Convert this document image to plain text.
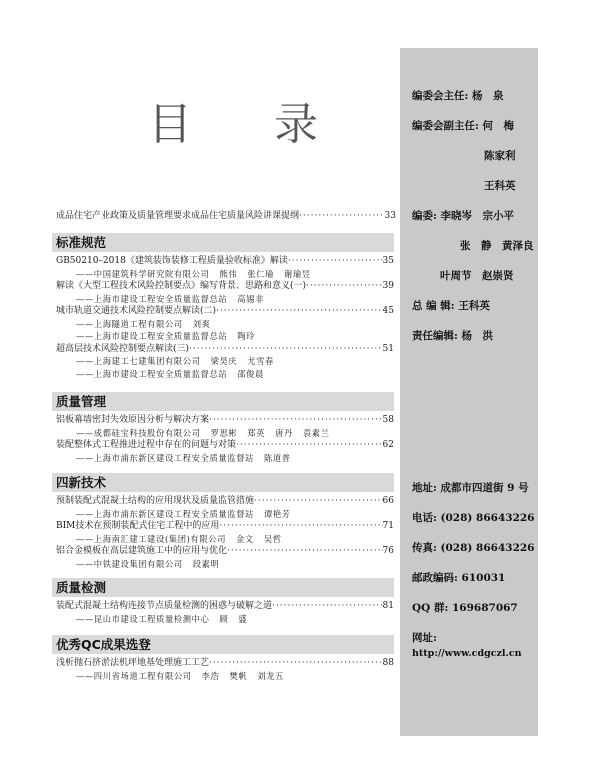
目 录
成品住宅产业政策及质量管理要求成品住宅质量风险讲课提纲 ·····	33
标准规范
GB50210–2018《建筑装饰装修工程质量验收标准》解读 ·····	35
——中国建筑科学研究院有限公司 熊伟 张仁瑜 谢瑜昱
解读《大型工程技术风险控制要点》编写背景、思路和意义(一) ·····	39
——上海市建设工程安全质量监督总站 高锡非
城市轨道交通技术风险控制要点解读(二) ·····	45
——上海隧道工程有限公司 刘爽
——上海市建设工程安全质量监督总站 陶玲
超高层技术风险控制要点解读(三) ·····	51
——上海建工七建集团有限公司 梁昊庆 尤雪春
——上海市建设工程安全质量监督总站 邵俊晨
质量管理
铝板幕墙密封失效原因分析与解决方案 ·····	58
——成都硅宝科技股份有限公司 罗思彬 郑英 唐丹 袁素兰
装配整体式工程推进过程中存在的问题与对策 ·····	62
——上海市浦东新区建设工程安全质量监督站 陈道普
四新技术
预制装配式混凝土结构的应用现状及质量监管措施 ·····	66
——上海市浦东新区建设工程安全质量监督站 谭艳芳
BIM技术在预制装配式住宅工程中的应用 ·····	71
——上海南汇建工建设(集团)有限公司 金文 吴哲
铝合金模板在高层建筑施工中的应用与优化 ·····	76
——中铁建设集团有限公司 段素明
质量检测
装配式混凝土结构连接节点质量检测的困惑与破解之道 ·····	81
——昆山市建设工程质量检测中心 顾 盛
优秀QC成果选登
浅析抛石挤淤法机坪地基处理施工工艺 ·····	88
——四川省场道工程有限公司 李浩 樊帆 刘龙五
编委会主任: 杨　泉
编委会副主任: 何　梅
陈家利
王科英
编委: 李晓岑　宗小平
张　静　黄泽良
叶周节　赵崇贤
总 编 辑: 王科英
责任编辑: 杨　洪
地址: 成都市四道街 9 号
电话: (028) 86643226
传真: (028) 86643226
邮政编码: 610031
QQ 群: 169687067
网址:
http://www.cdgczl.cn
